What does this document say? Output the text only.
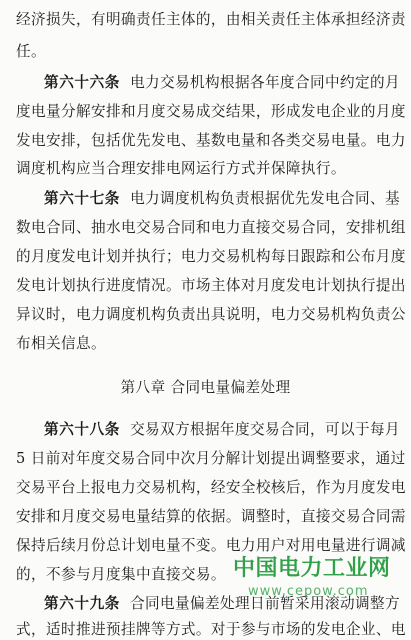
经济损失，有明确责任主体的，由相关责任主体承担经济责
任。
第六十六条 电力交易机构根据各年度合同中约定的月
度电量分解安排和月度交易成交结果，形成发电企业的月度
发电安排，包括优先发电、基数电量和各类交易电量。电力
调度机构应当合理安排电网运行方式并保障执行。
第六十七条 电力调度机构负责根据优先发电合同、基
数电合同、抽水电交易合同和电力直接交易合同，安排机组
的月度发电计划并执行；电力交易机构每日跟踪和公布月度
发电计划执行进度情况。市场主体对月度发电计划执行提出
异议时，电力调度机构负责出具说明，电力交易机构负责公
布相关信息。
第八章 合同电量偏差处理
第六十八条 交易双方根据年度交易合同，可以于每月
5 日前对年度交易合同中次月分解计划提出调整要求，通过
交易平台上报电力交易机构，经安全校核后，作为月度发电
安排和月度交易电量结算的依据。调整时，直接交易合同需
保持后续月份总计划电量不变。电力用户对用电量进行调减
的，不参与月度集中直接交易。
第六十九条 合同电量偏差处理日前暂采用滚动调整方
式，适时推进预挂牌等方式。对于参与市场的发电企业、电
中国电力工业网
www.cepow.com
